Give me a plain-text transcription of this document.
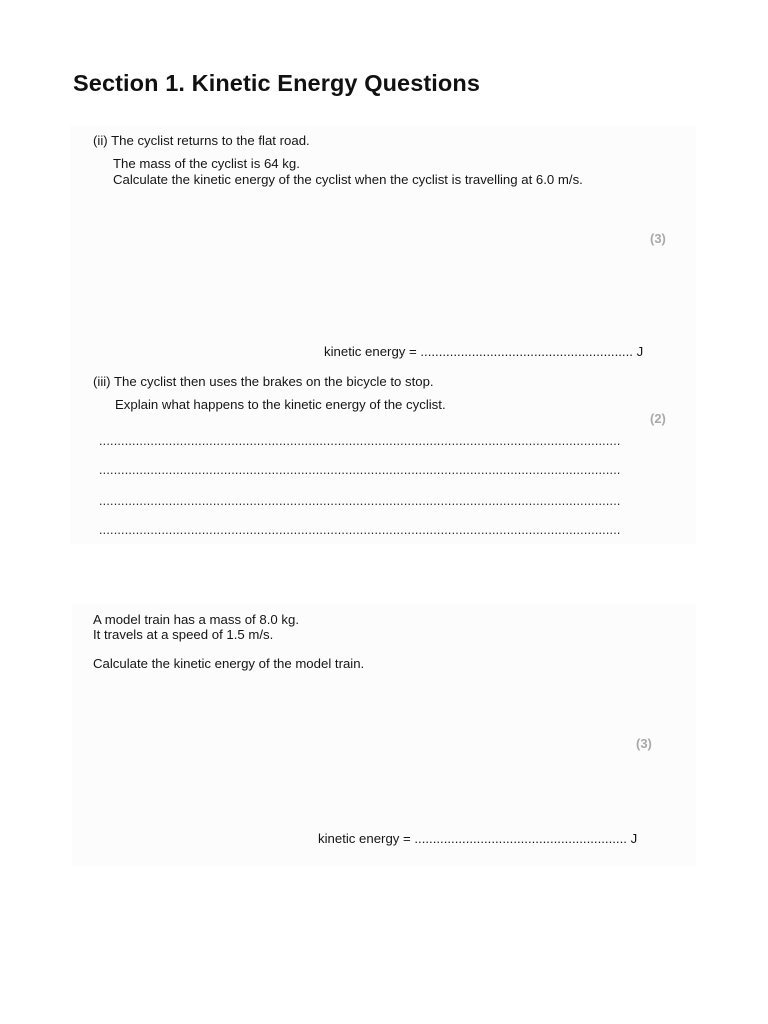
Section 1. Kinetic Energy Questions
(ii) The cyclist returns to the flat road.
The mass of the cyclist is 64 kg.
Calculate the kinetic energy of the cyclist when the cyclist is travelling at 6.0 m/s.
(3)
kinetic energy = .......................................................... J
(iii) The cyclist then uses the brakes on the bicycle to stop.
Explain what happens to the kinetic energy of the cyclist.
(2)
..............................................................................................................................................
..............................................................................................................................................
..............................................................................................................................................
..............................................................................................................................................
A model train has a mass of 8.0 kg.
It travels at a speed of 1.5 m/s.
Calculate the kinetic energy of the model train.
(3)
kinetic energy = .......................................................... J
